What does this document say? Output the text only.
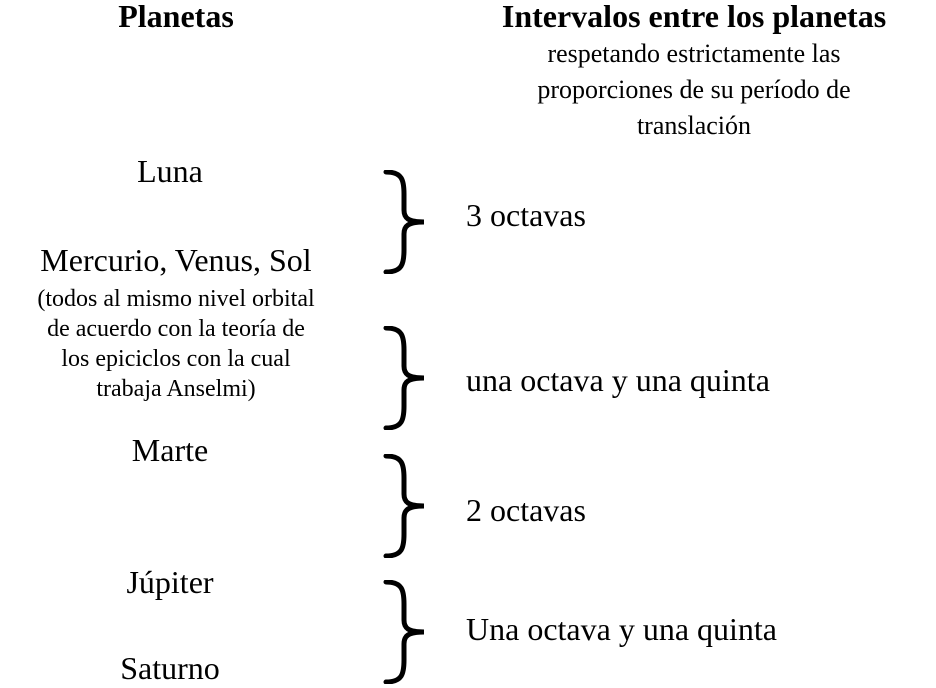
Planetas	Intervalos entre los planetas
respetando estrictamente las
proporciones de su período de
translación
Luna
Mercurio, Venus, Sol
(todos al mismo nivel orbital
de acuerdo con la teoría de
los epiciclos con la cual
trabaja Anselmi)
Marte
Júpiter
Saturno
3 octavas
una octava y una quinta
2 octavas
Una octava y una quinta
